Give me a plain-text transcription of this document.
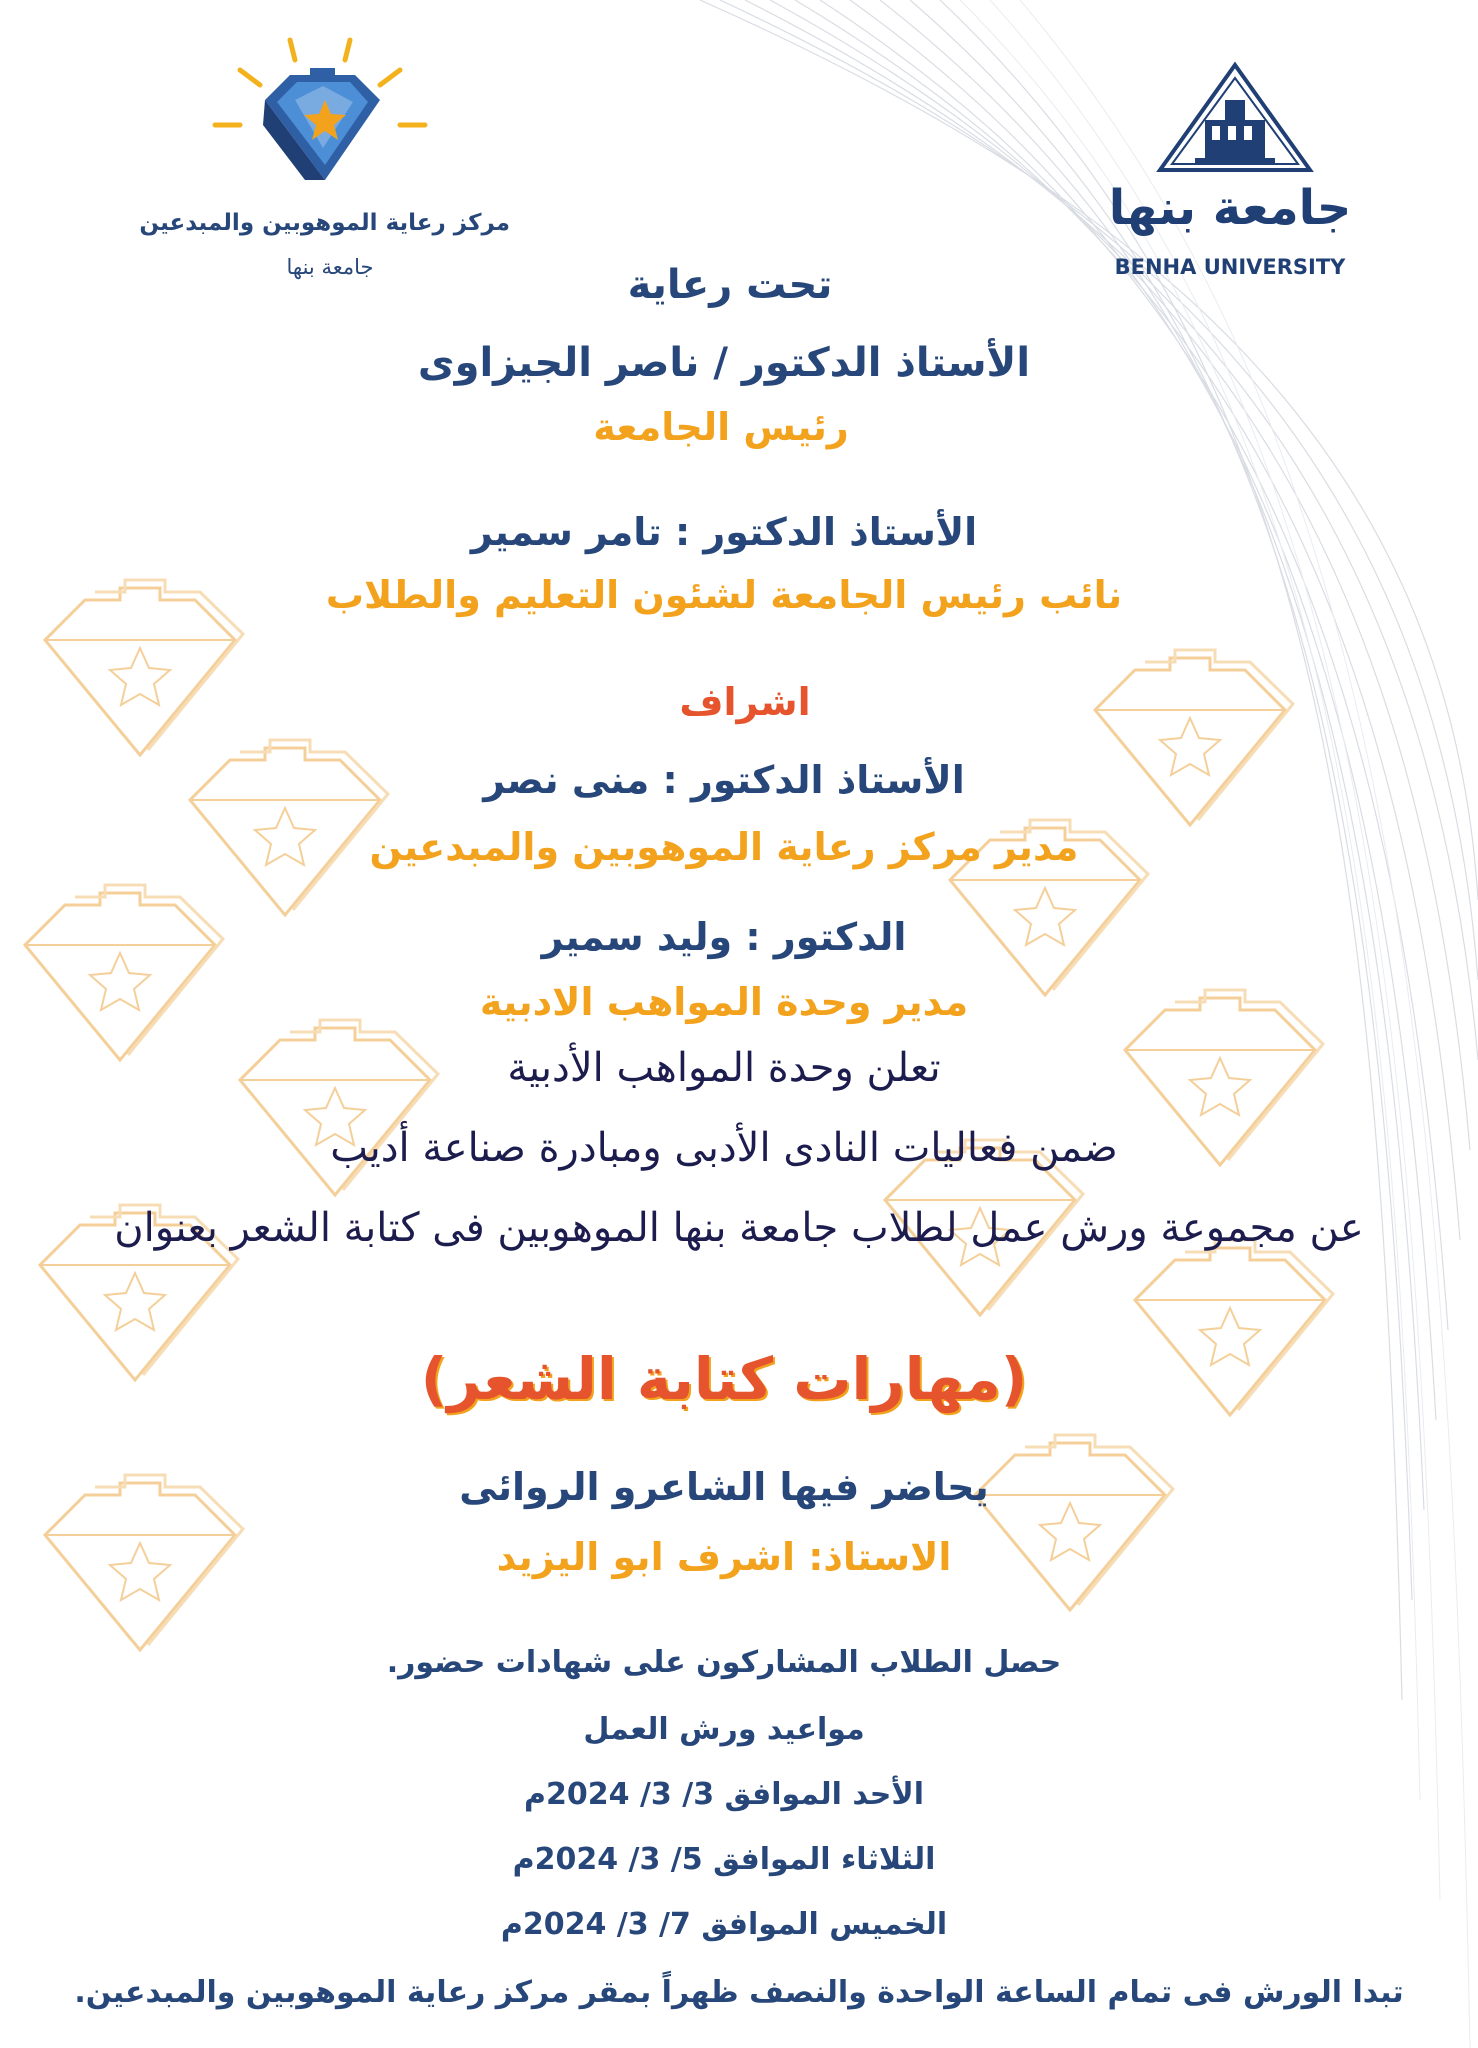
مركز رعاية الموهوبين والمبدعين
جامعة بنها
جامعة بنها
BENHA UNIVERSITY
تحت رعاية
الأستاذ الدكتور / ناصر الجيزاوى
رئيس الجامعة
الأستاذ الدكتور : تامر سمير
نائب رئيس الجامعة لشئون التعليم والطلاب
اشراف
الأستاذ الدكتور : منى نصر
مدير مركز رعاية الموهوبين والمبدعين
الدكتور : وليد سمير
مدير وحدة المواهب الادبية
تعلن وحدة المواهب الأدبية
ضمن فعاليات النادى الأدبى ومبادرة صناعة أديب
عن مجموعة ورش عمل لطلاب جامعة بنها الموهوبين فى كتابة الشعر بعنوان
(مهارات كتابة الشعر)
يحاضر فيها الشاعرو الروائى
الاستاذ: اشرف ابو اليزيد
حصل الطلاب المشاركون على شهادات حضور.
مواعيد ورش العمل
الأحد الموافق 3/ 3/ 2024م
الثلاثاء الموافق 5/ 3/ 2024م
الخميس الموافق 7/ 3/ 2024م
تبدا الورش فى تمام الساعة الواحدة والنصف ظهراً بمقر مركز رعاية الموهوبين والمبدعين.
